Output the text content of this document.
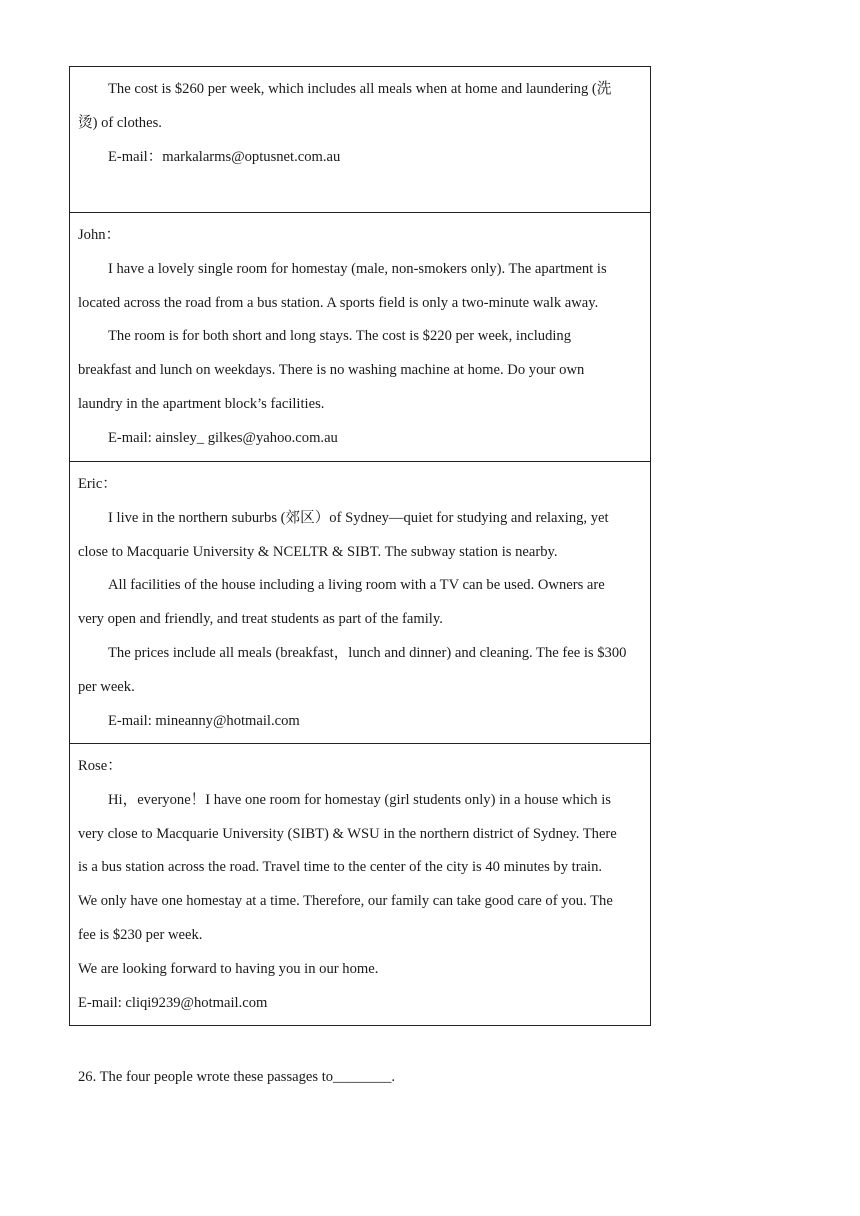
The cost is $260 per week, which includes all meals when at home and laundering (洗

烫) of clothes.

E-mail：markalarms@optusnet.com.au

John：

I have a lovely single room for homestay (male, non-smokers only). The apartment is

located across the road from a bus station. A sports field is only a two-minute walk away.

The room is for both short and long stays. The cost is $220 per week, including

breakfast and lunch on weekdays. There is no washing machine at home. Do your own

laundry in the apartment block’s facilities.

E-mail: ainsley_ gilkes@yahoo.com.au

Eric：

I live in the northern suburbs (郊区）of Sydney—quiet for studying and relaxing, yet

close to Macquarie University & NCELTR & SIBT. The subway station is nearby.

All facilities of the house including a living room with a TV can be used. Owners are

very open and friendly, and treat students as part of the family.

The prices include all meals (breakfast，lunch and dinner) and cleaning. The fee is $300

per week.

E-mail: mineanny@hotmail.com

Rose：

Hi，everyone！I have one room for homestay (girl students only) in a house which is

very close to Macquarie University (SIBT) & WSU in the northern district of Sydney. There

is a bus station across the road. Travel time to the center of the city is 40 minutes by train.

We only have one homestay at a time. Therefore, our family can take good care of you. The

fee is $230 per week.

We are looking forward to having you in our home.

E-mail: cliqi9239@hotmail.com

26. The four people wrote these passages to________.
